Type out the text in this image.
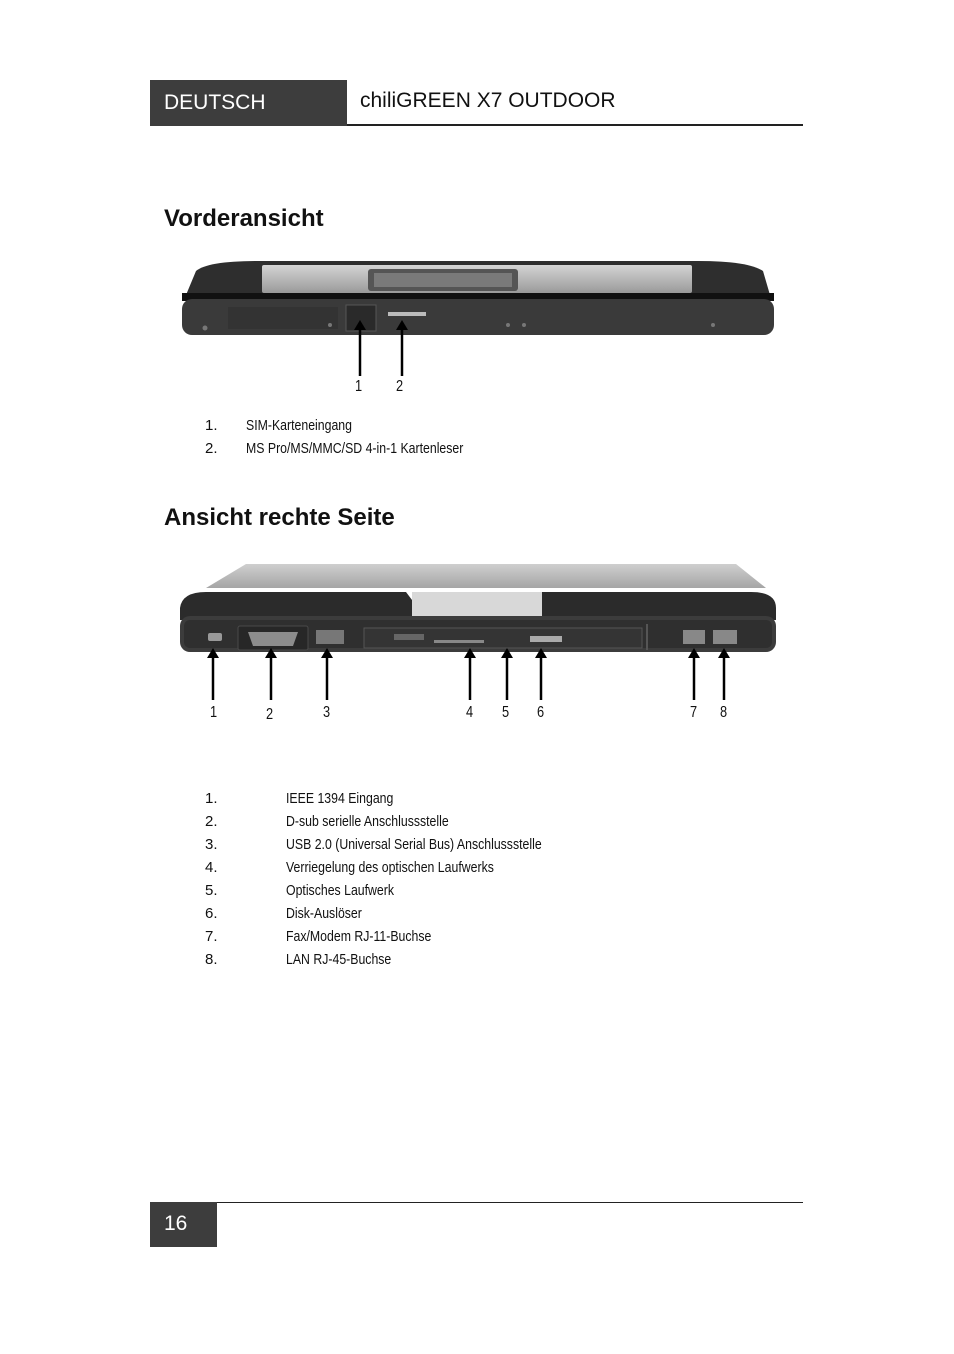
DEUTSCH	chiliGREEN X7 OUTDOOR
Vorderansicht
1 2
1. SIM-Karteneingang
2. MS Pro/MS/MMC/SD 4-in-1 Kartenleser
Ansicht rechte Seite
1	2	3	4 5 6	7 8
1.	IEEE 1394 Eingang
2.	D-sub serielle Anschlussstelle
3.	USB 2.0 (Universal Serial Bus) Anschlussstelle
4.	Verriegelung des optischen Laufwerks
5.	Optisches Laufwerk
6.	Disk-Auslöser
7.	Fax/Modem RJ-11-Buchse
8.	LAN RJ-45-Buchse
16
